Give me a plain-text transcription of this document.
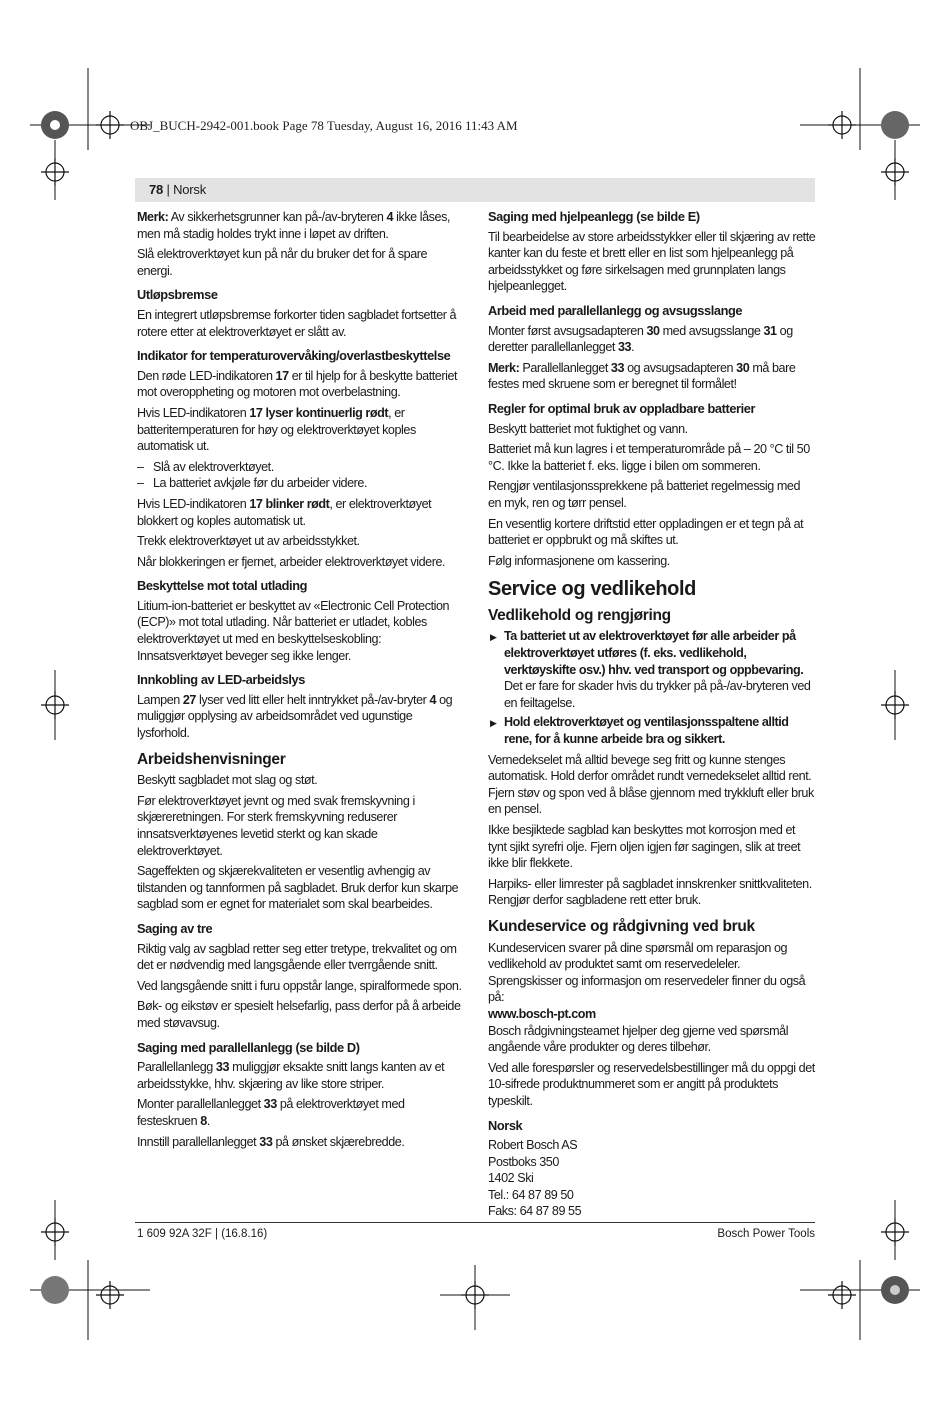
OBJ_BUCH-2942-001.book Page 78 Tuesday, August 16, 2016 11:43 AM
78 | Norsk

Merk: Av sikkerhetsgrunner kan på-/av-bryteren 4 ikke låses, men må stadig holdes trykt inne i løpet av driften.

Slå elektroverktøyet kun på når du bruker det for å spare energi.

Utløpsbremse

En integrert utløpsbremse forkorter tiden sagbladet fortsetter å rotere etter at elektroverktøyet er slått av.

Indikator for temperaturovervåking/overlastbeskyttelse

Den røde LED-indikatoren 17 er til hjelp for å beskytte batteriet mot overoppheting og motoren mot overbelastning.

Hvis LED-indikatoren 17 lyser kontinuerlig rødt, er batteritemperaturen for høy og elektroverktøyet koples automatisk ut.

– Slå av elektroverktøyet.
– La batteriet avkjøle før du arbeider videre.

Hvis LED-indikatoren 17 blinker rødt, er elektroverktøyet blokkert og koples automatisk ut.

Trekk elektroverktøyet ut av arbeidsstykket.

Når blokkeringen er fjernet, arbeider elektroverktøyet videre.

Beskyttelse mot total utlading

Litium-ion-batteriet er beskyttet av «Electronic Cell Protection (ECP)» mot total utlading. Når batteriet er utladet, kobles elektroverktøyet ut med en beskyttelseskobling: Innsatsverktøyet beveger seg ikke lenger.

Innkobling av LED-arbeidslys

Lampen 27 lyser ved litt eller helt inntrykket på-/av-bryter 4 og muliggjør opplysing av arbeidsområdet ved ugunstige lysforhold.

Arbeidshenvisninger

Beskytt sagbladet mot slag og støt.

Før elektroverktøyet jevnt og med svak fremskyvning i skjæreretningen. For sterk fremskyvning reduserer innsatsverktøyenes levetid sterkt og kan skade elektroverktøyet.

Sageffekten og skjærekvaliteten er vesentlig avhengig av tilstanden og tannformen på sagbladet. Bruk derfor kun skarpe sagblad som er egnet for materialet som skal bearbeides.

Saging av tre

Riktig valg av sagblad retter seg etter tretype, trekvalitet og om det er nødvendig med langsgående eller tverrgående snitt.

Ved langsgående snitt i furu oppstår lange, spiralformede spon.

Bøk- og eikstøv er spesielt helsefarlig, pass derfor på å arbeide med støvavsug.

Saging med parallellanlegg (se bilde D)

Parallellanlegg 33 muliggjør eksakte snitt langs kanten av et arbeidsstykke, hhv. skjæring av like store striper.

Monter parallellanlegget 33 på elektroverktøyet med festeskruen 8.

Innstill parallellanlegget 33 på ønsket skjærebredde.

Saging med hjelpeanlegg (se bilde E)

Til bearbeidelse av store arbeidsstykker eller til skjæring av rette kanter kan du feste et brett eller en list som hjelpeanlegg på arbeidsstykket og føre sirkelsagen med grunnplaten langs hjelpeanlegget.

Arbeid med parallellanlegg og avsugsslange

Monter først avsugsadapteren 30 med avsugsslange 31 og deretter parallellanlegget 33.

Merk: Parallellanlegget 33 og avsugsadapteren 30 må bare festes med skruene som er beregnet til formålet!

Regler for optimal bruk av oppladbare batterier

Beskytt batteriet mot fuktighet og vann.

Batteriet må kun lagres i et temperaturområde på – 20 °C til 50 °C. Ikke la batteriet f. eks. ligge i bilen om sommeren.

Rengjør ventilasjonssprekkene på batteriet regelmessig med en myk, ren og tørr pensel.

En vesentlig kortere driftstid etter oppladingen er et tegn på at batteriet er oppbrukt og må skiftes ut.

Følg informasjonene om kassering.

Service og vedlikehold
Vedlikehold og rengjøring
▶ Ta batteriet ut av elektroverktøyet før alle arbeider på elektroverktøyet utføres (f. eks. vedlikehold, verktøyskifte osv.) hhv. ved transport og oppbevaring. Det er fare for skader hvis du trykker på på-/av-bryteren ved en feiltagelse.
▶ Hold elektroverktøyet og ventilasjonsspaltene alltid rene, for å kunne arbeide bra og sikkert.

Vernedekselet må alltid bevege seg fritt og kunne stenges automatisk. Hold derfor området rundt vernedekselet alltid rent. Fjern støv og spon ved å blåse gjennom med trykkluft eller bruk en pensel.

Ikke besjiktede sagblad kan beskyttes mot korrosjon med et tynt sjikt syrefri olje. Fjern oljen igjen før sagingen, slik at treet ikke blir flekkete.

Harpiks- eller limrester på sagbladet innskrenker snittkvaliteten. Rengjør derfor sagbladene rett etter bruk.

Kundeservice og rådgivning ved bruk

Kundeservicen svarer på dine spørsmål om reparasjon og vedlikehold av produktet samt om reservedeleler. Sprengskisser og informasjon om reservedeler finner du også på:

www.bosch-pt.com

Bosch rådgivningsteamet hjelper deg gjerne ved spørsmål angående våre produkter og deres tilbehør.

Ved alle forespørsler og reservedelsbestillinger må du oppgi det 10-sifrede produktnummeret som er angitt på produktets typeskilt.

Norsk

Robert Bosch AS

Postboks 350

1402 Ski

Tel.: 64 87 89 50

Faks: 64 87 89 55

1 609 92A 32F | (16.8.16)	Bosch Power Tools
